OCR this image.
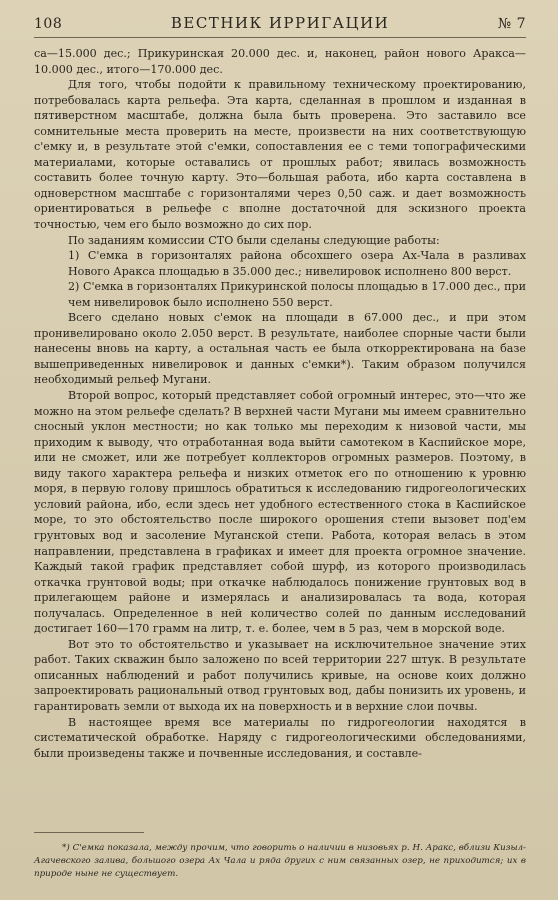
108	ВЕСТНИК ИРРИГАЦИИ	№ 7

са—15.000 дес.; Прикуринская 20.000 дес. и, наконец, район нового Аракса—10.000 дес., итого—170.000 дес.

Для того, чтобы подойти к правильному техническому проектированию, потребовалась карта рельефа. Эта карта, сделанная в прошлом и изданная в пятиверстном масштабе, должна была быть проверена. Это заставило все сомнительные места проверить на месте, произвести на них соответствующую с'емку и, в результате этой с'емки, сопоставления ее с теми топографическими материалами, которые оставались от прошлых работ; явилась возможность составить более точную карту. Это—большая работа, ибо карта составлена в одноверстном масштабе с горизонталями через 0,50 саж. и дает возможность ориентироваться в рельефе с вполне достаточной для эскизного проекта точностью, чем его было возможно до сих пор.

По заданиям комиссии СТО были сделаны следующие работы:

1) С'емка в горизонталях района обсохшего озера Ах-Чала в разливах Нового Аракса площадью в 35.000 дес.; нивелировок исполнено 800 верст.

2) С'емка в горизонталях Прикуринской полосы площадью в 17.000 дес., при чем нивелировок было исполнено 550 верст.

Всего сделано новых с'емок на площади в 67.000 дес., и при этом пронивелировано около 2.050 верст. В результате, наиболее спорные части были нанесены вновь на карту, а остальная часть ее была откорректирована на базе вышеприведенных нивелировок и данных с'емки*). Таким образом получился необходимый рельеф Мугани.

Второй вопрос, который представляет собой огромный интерес, это—что же можно на этом рельефе сделать? В верхней части Мугани мы имеем сравнительно сносный уклон местности; но как только мы переходим к низовой части, мы приходим к выводу, что отработанная вода выйти самотеком в Каспийское море, или не сможет, или же потребует коллекторов огромных размеров. Поэтому, в виду такого характера рельефа и низких отметок его по отношению к уровню моря, в первую голову пришлось обратиться к исследованию гидрогеологических условий района, ибо, если здесь нет удобного естественного стока в Каспийское море, то это обстоятельство после широкого орошения степи вызовет под'ем грунтовых вод и засоление Муганской степи. Работа, которая велась в этом направлении, представлена в графиках и имеет для проекта огромное значение. Каждый такой график представляет собой шурф, из которого производилась откачка грунтовой воды; при откачке наблюдалось понижение грунтовых вод в прилегающем районе и измерялась и анализировалась та вода, которая получалась. Определенное в ней количество солей по данным исследований достигает 160—170 грамм на литр, т. е. более, чем в 5 раз, чем в морской воде.

Вот это то обстоятельство и указывает на исключительное значение этих работ. Таких скважин было заложено по всей территории 227 штук. В результате описанных наблюдений и работ получились кривые, на основе коих должно запроектировать рациональный отвод грунтовых вод, дабы понизить их уровень, и гарантировать земли от выхода их на поверхность и в верхние слои почвы.

В настоящее время все материалы по гидрогеологии находятся в систематической обработке. Наряду с гидрогеологическими обследованиями, были произведены также и почвенные исследования, и составле-

*) С'емка показала, между прочим, что говорить о наличии в низовьях р. Н. Аракс, вблизи Кизыл-Агачевского залива, большого озера Ах Чала и ряда других с ним связанных озер, не приходится; их в природе ныне не существует.
